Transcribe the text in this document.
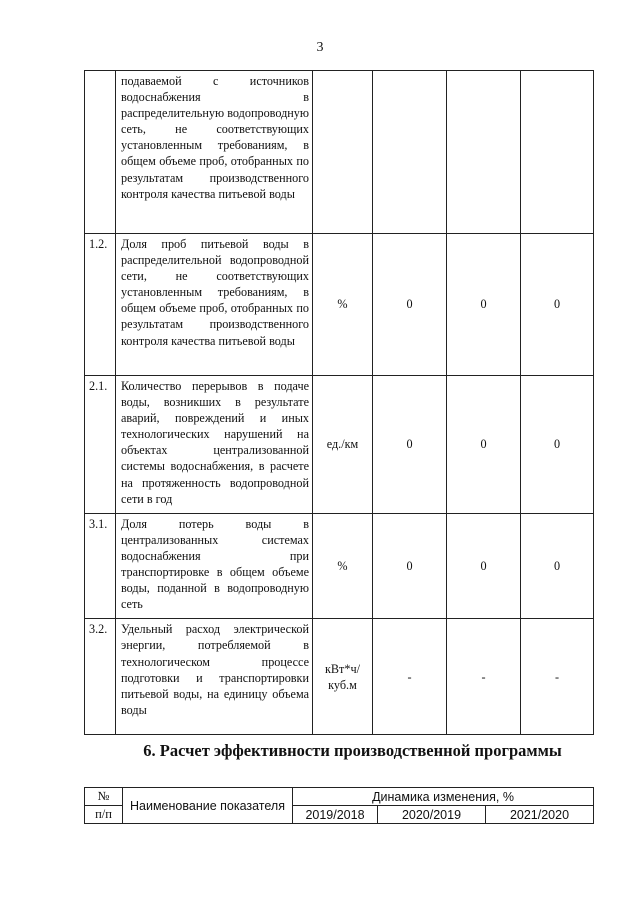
3
	подаваемой с источников водоснабжения в распределительную водопроводную сеть, не соответствующих установленным требованиям, в общем объеме проб, отобранных по результатам производственного контроля качества питьевой воды				
1.2.	Доля проб питьевой воды в распределительной водопроводной сети, не соответствующих установленным требованиям, в общем объеме проб, отобранных по результатам производственного контроля качества питьевой воды	%	0	0	0
2.1.	Количество перерывов в подаче воды, возникших в результате аварий, повреждений и иных технологических нарушений на объектах централизованной системы водоснабжения, в расчете на протяженность водопроводной сети в год	ед./км	0	0	0
3.1.	Доля потерь воды в централизованных системах водоснабжения при транспортировке в общем объеме воды, поданной в водопроводную сеть	%	0	0	0
3.2.	Удельный расход электрической энергии, потребляемой в технологическом процессе подготовки и транспортировки питьевой воды, на единицу объема воды	кВт*ч/ куб.м	-	-	-
6. Расчет эффективности производственной программы
№	Наименование показателя	Динамика изменения, %		
п/п		2019/2018	2020/2019	2021/2020
